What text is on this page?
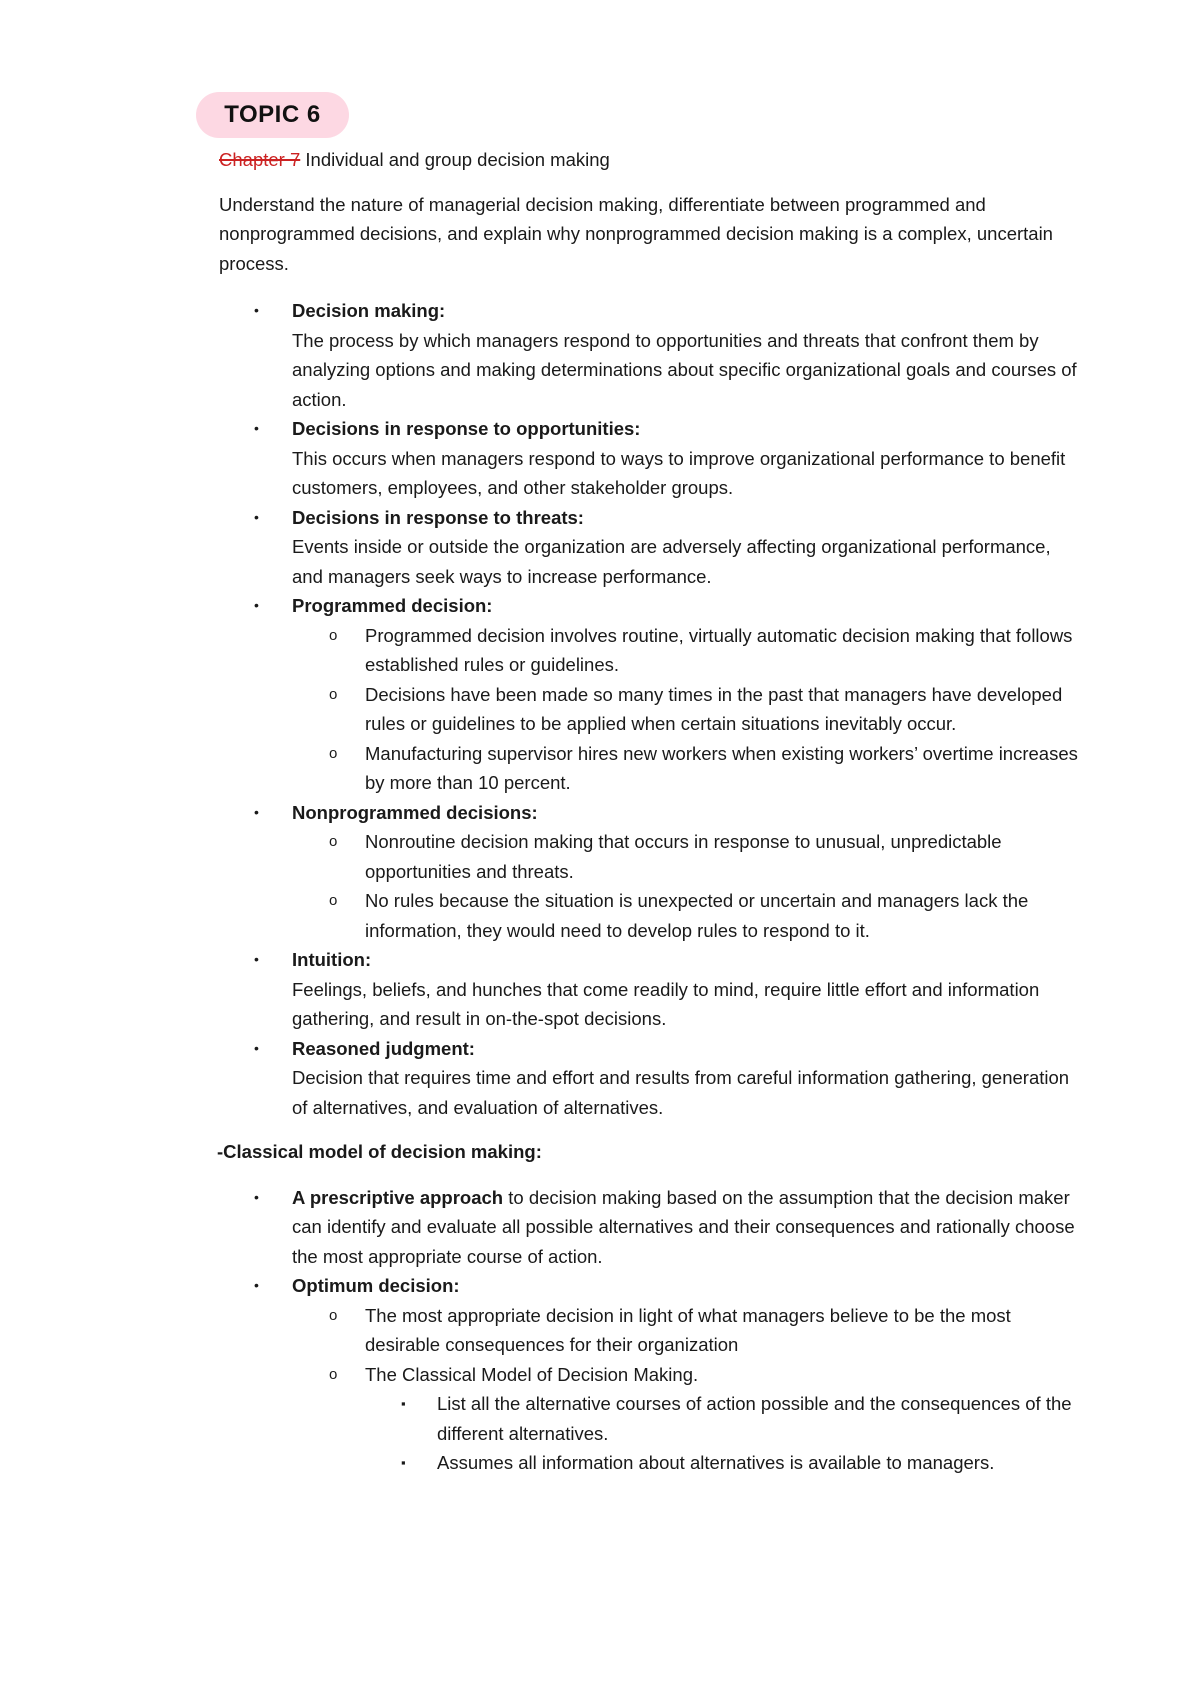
TOPIC 6

Chapter 7 Individual and group decision making

Understand the nature of managerial decision making, differentiate between programmed and nonprogrammed decisions, and explain why nonprogrammed decision making is a complex, uncertain process.

• Decision making:
The process by which managers respond to opportunities and threats that confront them by analyzing options and making determinations about specific organizational goals and courses of action.
• Decisions in response to opportunities:
This occurs when managers respond to ways to improve organizational performance to benefit customers, employees, and other stakeholder groups.
• Decisions in response to threats:
Events inside or outside the organization are adversely affecting organizational performance, and managers seek ways to increase performance.
• Programmed decision:
o Programmed decision involves routine, virtually automatic decision making that follows established rules or guidelines.
o Decisions have been made so many times in the past that managers have developed rules or guidelines to be applied when certain situations inevitably occur.
o Manufacturing supervisor hires new workers when existing workers’ overtime increases by more than 10 percent.
• Nonprogrammed decisions:
o Nonroutine decision making that occurs in response to unusual, unpredictable opportunities and threats.
o No rules because the situation is unexpected or uncertain and managers lack the information, they would need to develop rules to respond to it.
• Intuition:
Feelings, beliefs, and hunches that come readily to mind, require little effort and information gathering, and result in on-the-spot decisions.
• Reasoned judgment:
Decision that requires time and effort and results from careful information gathering, generation of alternatives, and evaluation of alternatives.
-Classical model of decision making:
• A prescriptive approach to decision making based on the assumption that the decision maker can identify and evaluate all possible alternatives and their consequences and rationally choose the most appropriate course of action.
• Optimum decision:
o The most appropriate decision in light of what managers believe to be the most desirable consequences for their organization
o The Classical Model of Decision Making.
▪ List all the alternative courses of action possible and the consequences of the different alternatives.
▪ Assumes all information about alternatives is available to managers.
